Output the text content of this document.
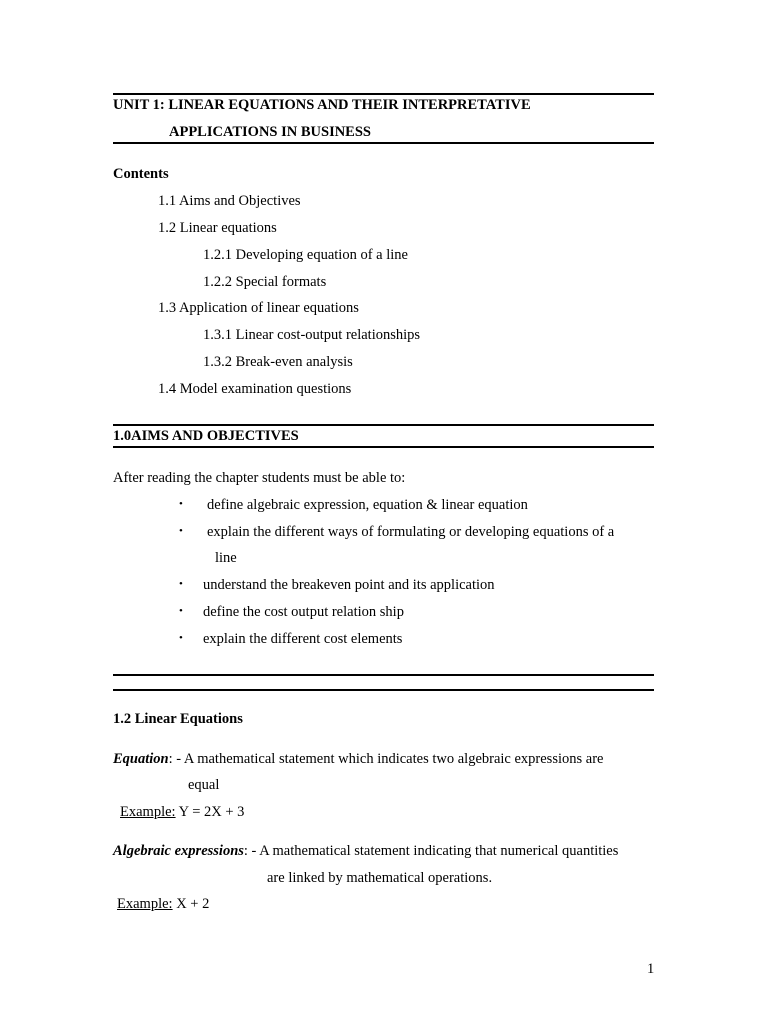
UNIT 1: LINEAR EQUATIONS AND THEIR INTERPRETATIVE
APPLICATIONS IN BUSINESS
Contents
1.1 Aims and Objectives
1.2 Linear equations
1.2.1 Developing equation of a line
1.2.2 Special formats
1.3 Application of linear equations
1.3.1 Linear cost-output relationships
1.3.2 Break-even analysis
1.4 Model examination questions
1.0AIMS AND OBJECTIVES
After reading the chapter students must be able to:
• define algebraic expression, equation & linear equation
• explain the different ways of formulating or developing equations of a
line
• understand the breakeven point and its application
• define the cost output relation ship
• explain the different cost elements
1.2 Linear Equations
Equation: - A mathematical statement which indicates two algebraic expressions are
equal
Example: Y = 2X + 3
Algebraic expressions: - A mathematical statement indicating that numerical quantities
are linked by mathematical operations.
Example: X + 2
1
